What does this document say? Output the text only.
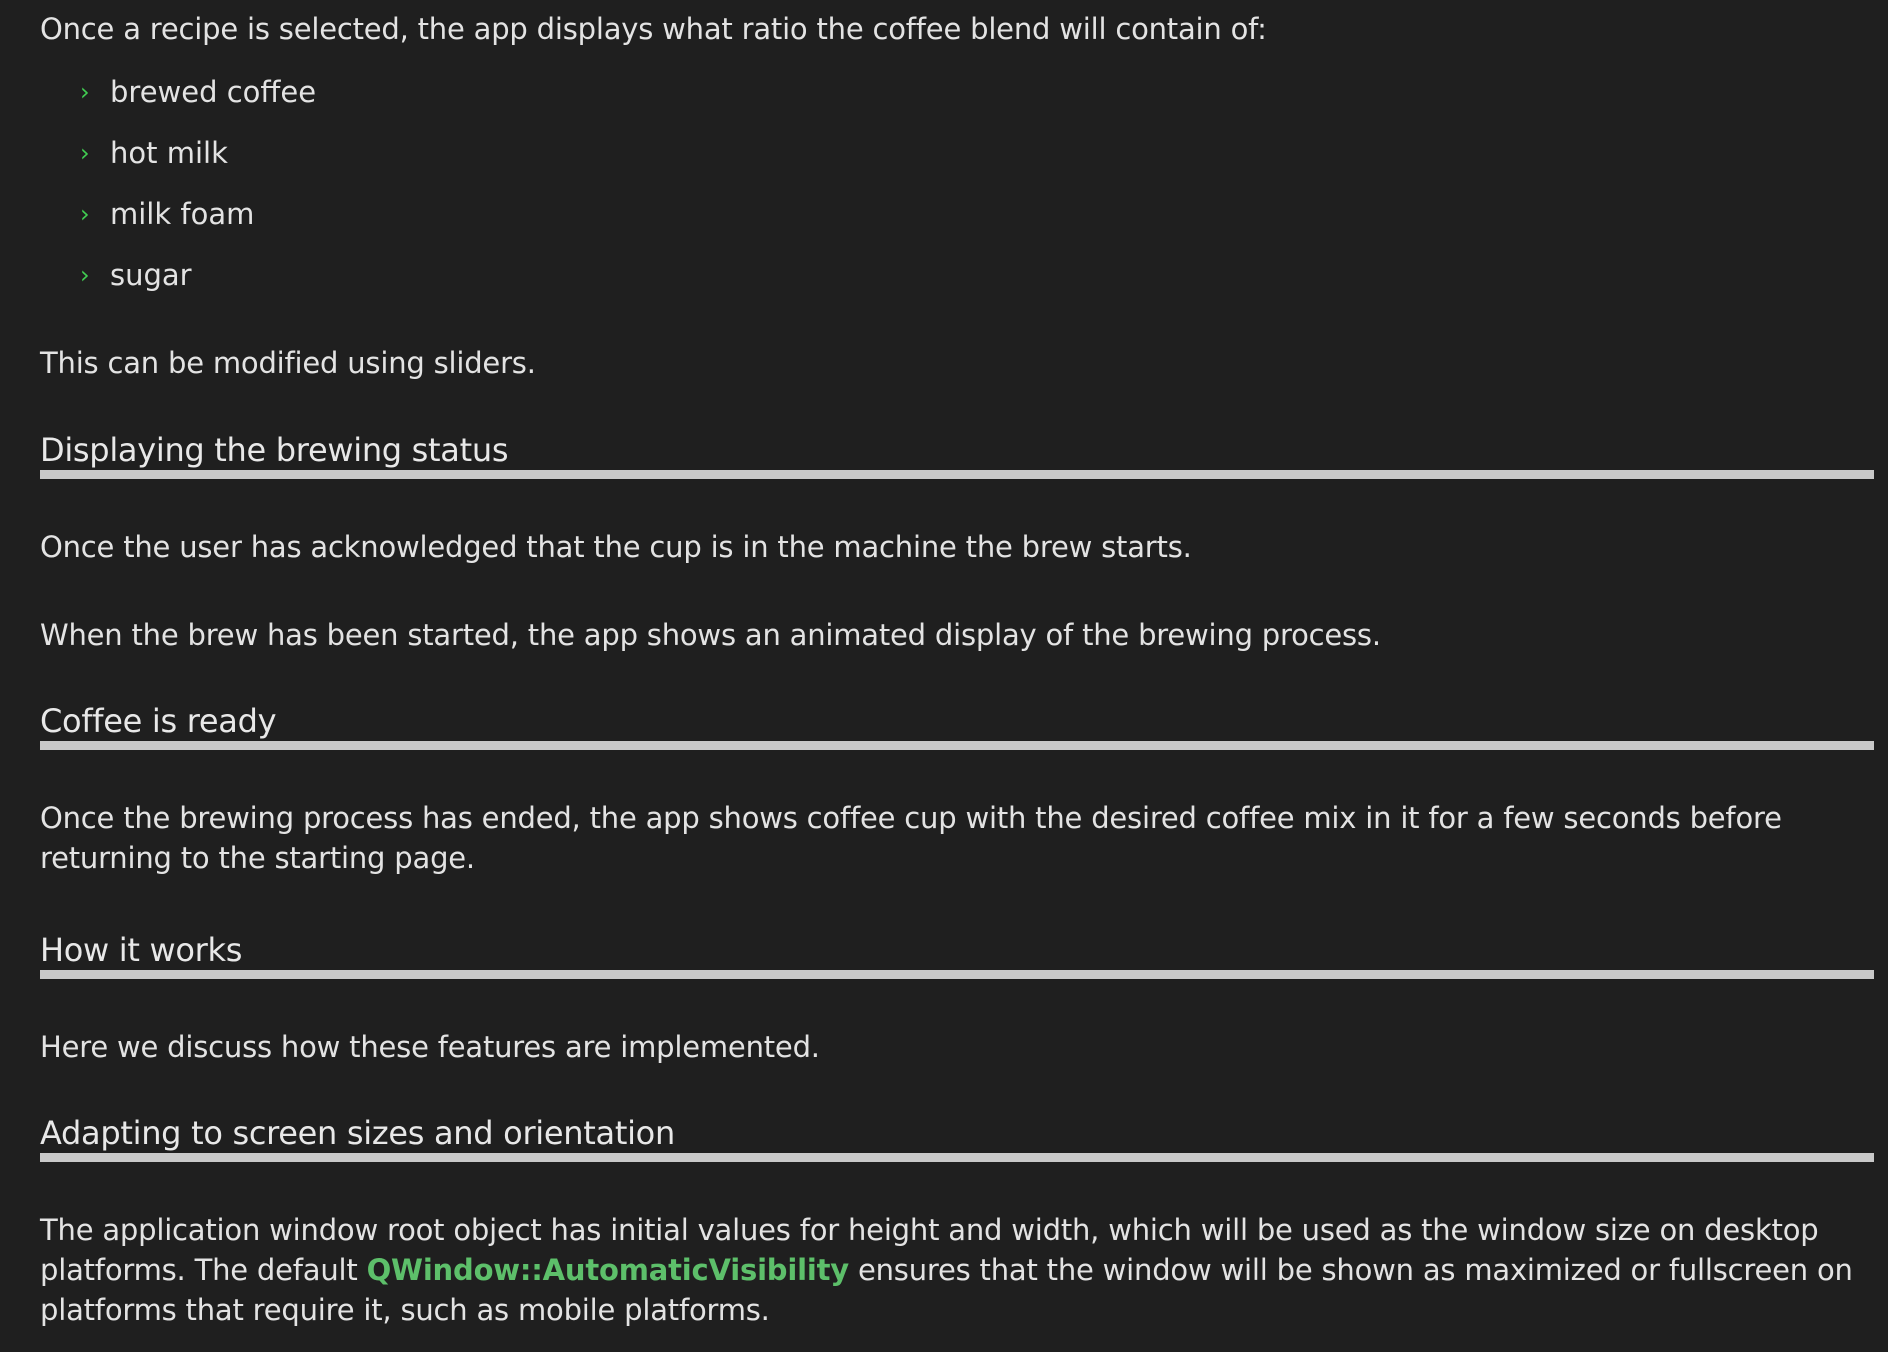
Once a recipe is selected, the app displays what ratio the coffee blend will contain of:

› brewed coffee
› hot milk
› milk foam
› sugar

This can be modified using sliders.

Displaying the brewing status

Once the user has acknowledged that the cup is in the machine the brew starts.

When the brew has been started, the app shows an animated display of the brewing process.

Coffee is ready

Once the brewing process has ended, the app shows coffee cup with the desired coffee mix in it for a few seconds before returning to the starting page.

How it works

Here we discuss how these features are implemented.

Adapting to screen sizes and orientation

The application window root object has initial values for height and width, which will be used as the window size on desktop platforms. The default QWindow::AutomaticVisibility ensures that the window will be shown as maximized or fullscreen on platforms that require it, such as mobile platforms.
